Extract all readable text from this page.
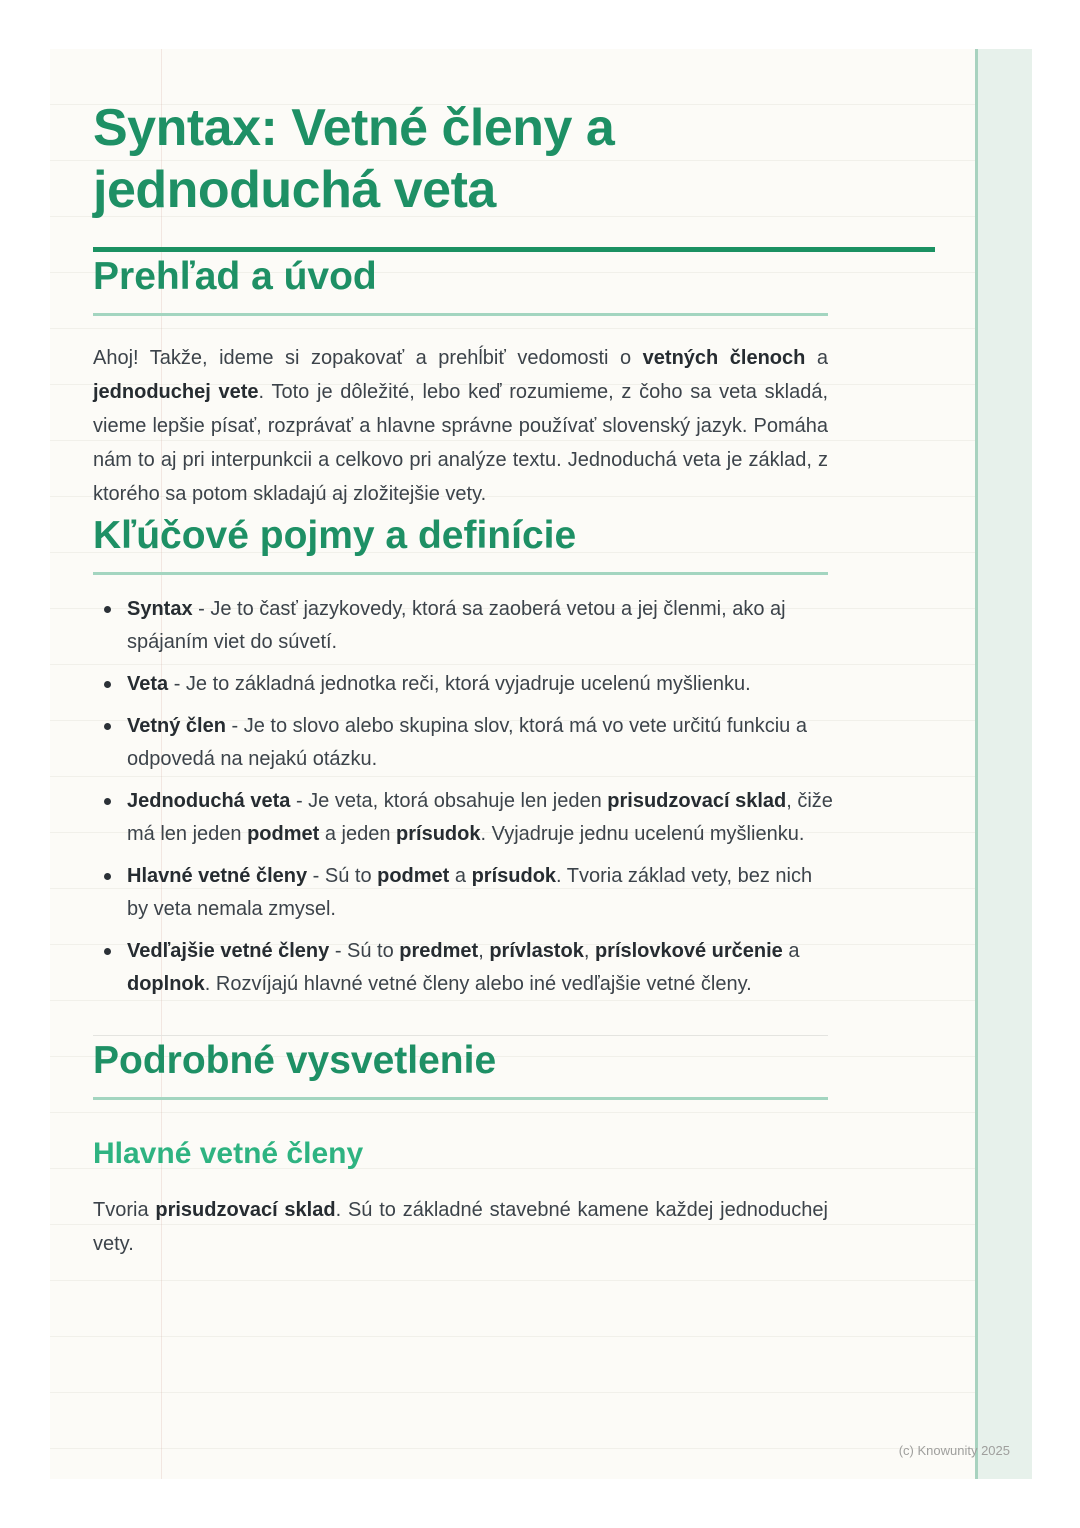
Syntax: Vetné členy a
jednoduchá veta
Prehľad a úvod

Ahoj! Takže, ideme si zopakovať a prehĺbiť vedomosti o vetných členoch a jednoduchej vete. Toto je dôležité, lebo keď rozumieme, z čoho sa veta skladá, vieme lepšie písať, rozprávať a hlavne správne používať slovenský jazyk. Pomáha nám to aj pri interpunkcii a celkovo pri analýze textu. Jednoduchá veta je základ, z ktorého sa potom skladajú aj zložitejšie vety.

Kľúčové pojmy a definície
Syntax - Je to časť jazykovedy, ktorá sa zaoberá vetou a jej členmi, ako aj spájaním viet do súvetí.
Veta - Je to základná jednotka reči, ktorá vyjadruje ucelenú myšlienku.
Vetný člen - Je to slovo alebo skupina slov, ktorá má vo vete určitú funkciu a odpovedá na nejakú otázku.
Jednoduchá veta - Je veta, ktorá obsahuje len jeden prisudzovací sklad, čiže má len jeden podmet a jeden prísudok. Vyjadruje jednu ucelenú myšlienku.
Hlavné vetné členy - Sú to podmet a prísudok. Tvoria základ vety, bez nich by veta nemala zmysel.
Vedľajšie vetné členy - Sú to predmet, prívlastok, príslovkové určenie a doplnok. Rozvíjajú hlavné vetné členy alebo iné vedľajšie vetné členy.
Podrobné vysvetlenie
Hlavné vetné členy

Tvoria prisudzovací sklad. Sú to základné stavebné kamene každej jednoduchej vety.

(c) Knowunity 2025
